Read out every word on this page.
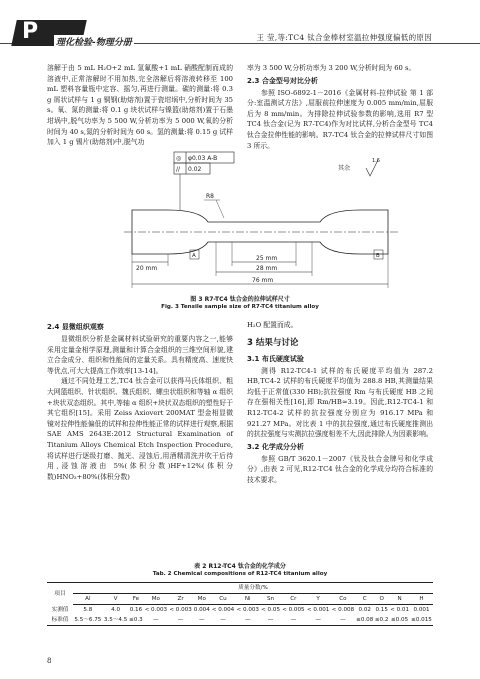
P 理化检验-物理分册
王 莹,等:TC4 钛合金棒材室温拉伸强度偏低的原因

溶解于由 5 mL H₂O+2 mL 氢氟酸+1 mL 硝酸配制而成的溶液中,正常溶解时不用加热,完全溶解后将溶液转移至 100 mL 塑料容量瓶中定容、摇匀,再进行测量。碳的测量:将 0.3 g 屑状试样与 1 g 铜钢(助熔剂)置于瓷坩埚中,分析时间为 35 s。氧、氮的测量:将 0.1 g 块状试样与镍篮(助熔剂)置于石墨坩埚中,脱气功率为 5 500 W,分析功率为 5 000 W,氧的分析时间为 40 s,氮的分析时间为 60 s。氢的测量:将 0.15 g 试样加入 1 g 锡片(助熔剂)中,脱气功

率为 3 500 W,分析功率为 3 200 W,分析时间为 60 s。

2.3 合金型号对比分析

参照 ISO-6892-1－2016《金属材料-拉伸试验 第 1 部分:室温测试方法》,屈服前拉伸速度为 0.005 mm/min,屈服后为 8 mm/min。为排除拉伸试验参数的影响,选用 R7 型 TC4 钛合金(记为 R7-TC4)作为对比试样,分析合金型号 TC4 钛合金拉伸性能的影响。R7-TC4 钛合金的拉伸试样尺寸如图 3 所示。

◎ φ0.03 A-B
// 0.02	其余
1.6
R8
A	B
20 mm
25 mm
28 mm
76 mm
图 3 R7-TC4 钛合金的拉伸试样尺寸
Fig. 3 Tensile sample size of R7-TC4 titanium alloy
2.4 显微组织观察

显微组织分析是金属材料试验研究的重要内容之一,能够采用定量金相学原理,测量和计算合金组织的三维空间形貌,建立合金成分、组织和性能间的定量关系。具有精度高、速度快等优点,可大大提高工作效率[13-14]。

通过不同处理工艺,TC4 钛合金可以获得马氏体组织、粗大网篮组织、针状组织、魏氏组织、螺虫状组织和等轴 α 组织+块状双态组织。其中,等轴 α 组织+块状双态组织的塑性好于其它组织[15]。采用 Zeiss Axiovert 200MAT 型金相显微镜对拉伸性能偏低的试样和拉伸性能正常的试样进行观察,根据 SAE AMS 2643E:2012 Structural Examination of Titanium Alloys Chemical Etch Inspection Procedure,将试样进行逐级打磨、抛光、浸蚀后,用酒精清洗并吹干后待用,浸蚀溶液由 5%(体积分数)HF+12%(体积分数)HNO₃+80%(体积分数)

H₂O 配置而成。

3 结果与讨论
3.1 布氏硬度试验

测得 R12-TC4-1 试样的布氏硬度平均值为 287.2 HB,TC4-2 试样的布氏硬度平均值为 288.8 HB,其测量结果均低于正常值(330 HB);抗拉强度 Rm 与布氏硬度 HB 之间存在强相关性[16],即 Rm/HB≈3.19。因此,R12-TC4-1 和 R12-TC4-2 试样的抗拉强度分别应为 916.17 MPa 和 921.27 MPa。对比表 1 中的抗拉强度,通过布氏硬度推测出的抗拉强度与实测抗拉强度相差不大,因此排除人为因素影响。

3.2 化学成分分析

参照 GB/T 3620.1－2007《钛及钛合金牌号和化学成分》,由表 2 可见,R12-TC4 钛合金的化学成分均符合标准的技术要求。

表 2 R12-TC4 钛合金的化学成分
Tab. 2 Chemical compositions of R12-TC4 titanium alloy
项目	质量分数/%															
	Al	V	Fe	Mo	Zr	Mo	Cu	Ni	Sn	Cr	Y	Co	C	O	N	H
实测值	5.8	4.0	0.16	< 0.003	< 0.003	0.004	< 0.004	< 0.003	< 0.05	< 0.005	< 0.001	< 0.008	0.02	0.15	< 0.01	0.001
标准值	5.5～6.75	3.5～4.5	≤0.3	—	—	—	—	—	—	—	—	—	≤0.08	≤0.2	≤0.05	≤0.015
8
